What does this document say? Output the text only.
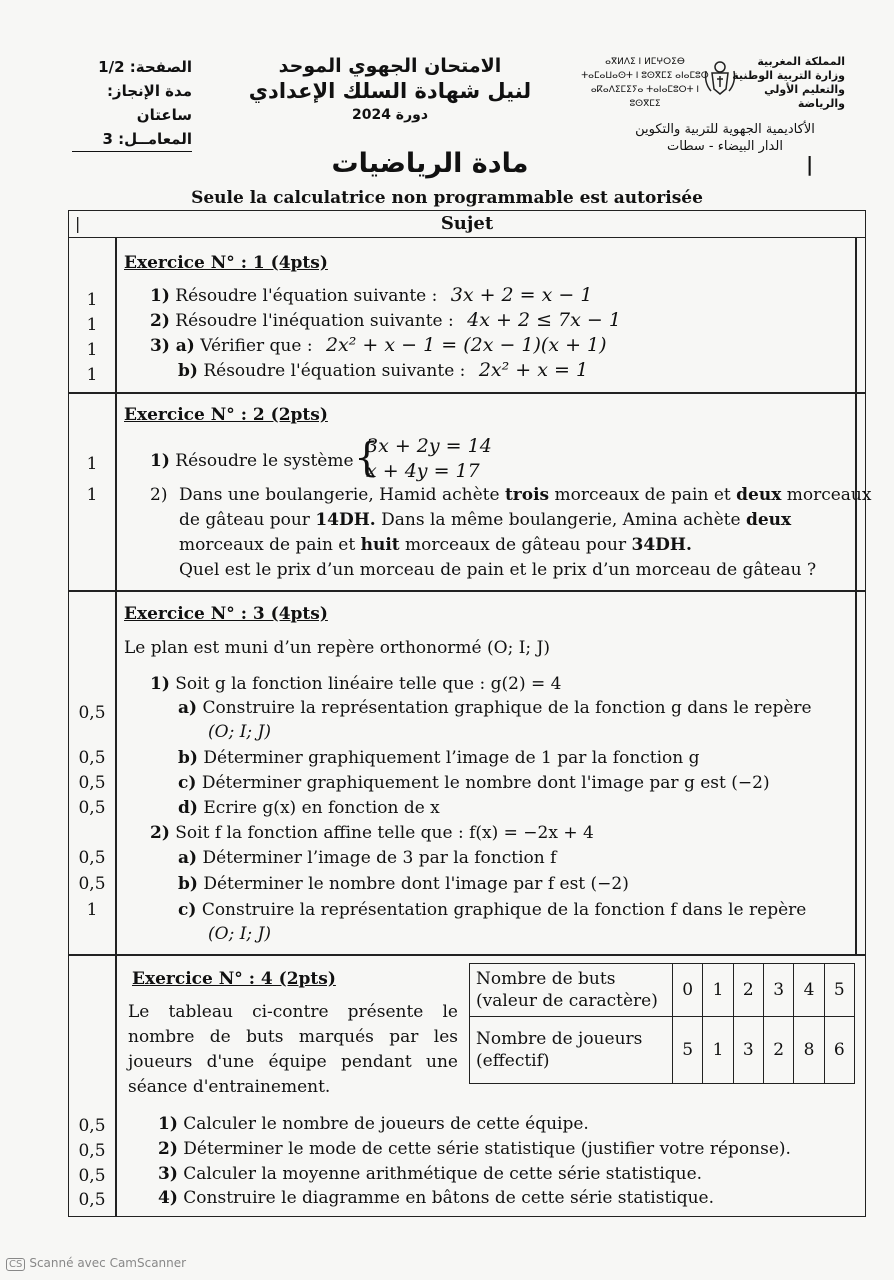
الصفحة: 1/2
مدة الإنجاز: ساعتان
المعامــل: 3
الامتحان الجهوي الموحد
لنيل شهادة السلك الإعدادي
دورة 2024
ⴰⴳⵍⴷⵉ ⵏ ⵍⵎⵖⵔⵉⴱ
ⵜⴰⵎⴰⵡⴰⵙⵜ ⵏ ⵓⵙⴳⵎⵉ ⴰⵏⴰⵎⵓⵔ
ⴰⴽⴰⴷⵉⵎⵉⵢⴰ ⵜⴰⵏⴰⵎⵓⵔⵜ ⵏ ⵓⵙⴳⵎⵉ
المملكة المغربية
وزارة التربية الوطنية
والتعليم الأولي والرياضة
الأكاديمية الجهوية للتربية والتكوين
الدار البيضاء - سطات
مادة الرياضيات	|
Seule la calculatrice non programmable est autorisée
Sujet
|
Exercice N° : 1 (4pts)
1
1
1
1
1) Résoudre l'équation suivante : 3x + 2 = x − 1
2) Résoudre l'inéquation suivante : 4x + 2 ≤ 7x − 1
3) a) Vérifier que : 2x² + x − 1 = (2x − 1)(x + 1)
b) Résoudre l'équation suivante : 2x² + x = 1
Exercice N° : 2 (2pts)
1
1
1) Résoudre le système {
3x + 2y = 14
x + 4y = 17
2) Dans une boulangerie, Hamid achète trois morceaux de pain et deux morceaux
de gâteau pour 14DH. Dans la même boulangerie, Amina achète deux
morceaux de pain et huit morceaux de gâteau pour 34DH.
Quel est le prix d’un morceau de pain et le prix d’un morceau de gâteau ?
Exercice N° : 3 (4pts)
Le plan est muni d’un repère orthonormé (O; I; J)
1) Soit g la fonction linéaire telle que : g(2) = 4
a) Construire la représentation graphique de la fonction g dans le repère
(O; I; J)
b) Déterminer graphiquement l’image de 1 par la fonction g
c) Déterminer graphiquement le nombre dont l'image par g est (−2)
d) Ecrire g(x) en fonction de x
2) Soit f la fonction affine telle que : f(x) = −2x + 4
a) Déterminer l’image de 3 par la fonction f
b) Déterminer le nombre dont l'image par f est (−2)
c) Construire la représentation graphique de la fonction f dans le repère
(O; I; J)
0,5
0,5
0,5
0,5
0,5
0,5
1
Exercice N° : 4 (2pts)
Le tableau ci-contre présente le nombre de buts marqués par les joueurs d'une équipe pendant une séance d'entrainement.
Nombre de buts (valeur de caractère)	0	1	2	3	4	5
Nombre de joueurs (effectif)	5	1	3	2	8	6
1) Calculer le nombre de joueurs de cette équipe.
2) Déterminer le mode de cette série statistique (justifier votre réponse).
3) Calculer la moyenne arithmétique de cette série statistique.
4) Construire le diagramme en bâtons de cette série statistique.
0,5
0,5
0,5
0,5
CS Scanné avec CamScanner
